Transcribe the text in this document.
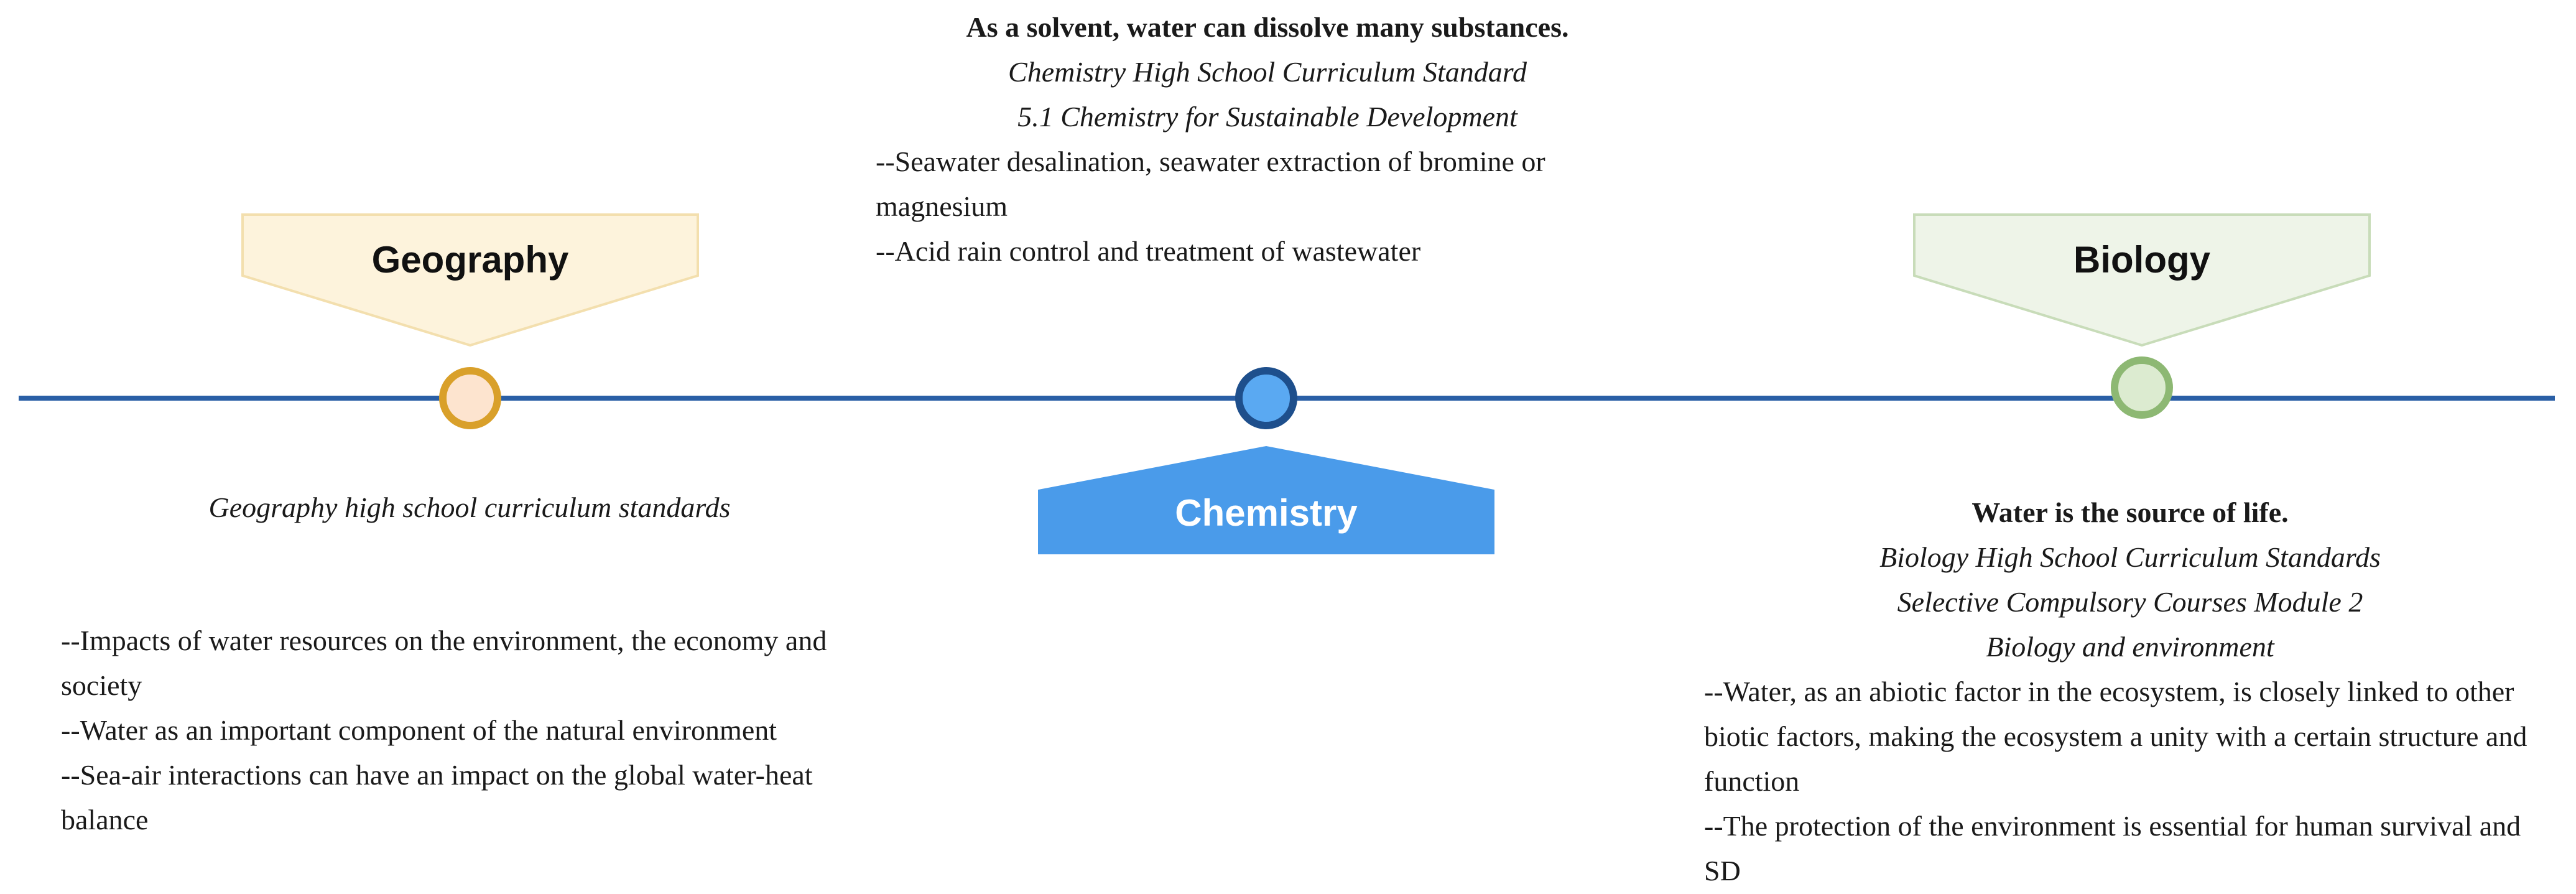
Geography	Biology
Chemistry
As a solvent, water can dissolve many substances.
Chemistry High School Curriculum Standard
5.1 Chemistry for Sustainable Development
--Seawater desalination, seawater extraction of bromine or magnesium
--Acid rain control and treatment of wastewater
Geography high school curriculum standards
--Impacts of water resources on the environment, the economy and society
--Water as an important component of the natural environment
--Sea-air interactions can have an impact on the global water-heat balance
Water is the source of life.
Biology High School Curriculum Standards
Selective Compulsory Courses Module 2
Biology and environment
--Water, as an abiotic factor in the ecosystem, is closely linked to other biotic factors, making the ecosystem a unity with a certain structure and function
--The protection of the environment is essential for human survival and SD
